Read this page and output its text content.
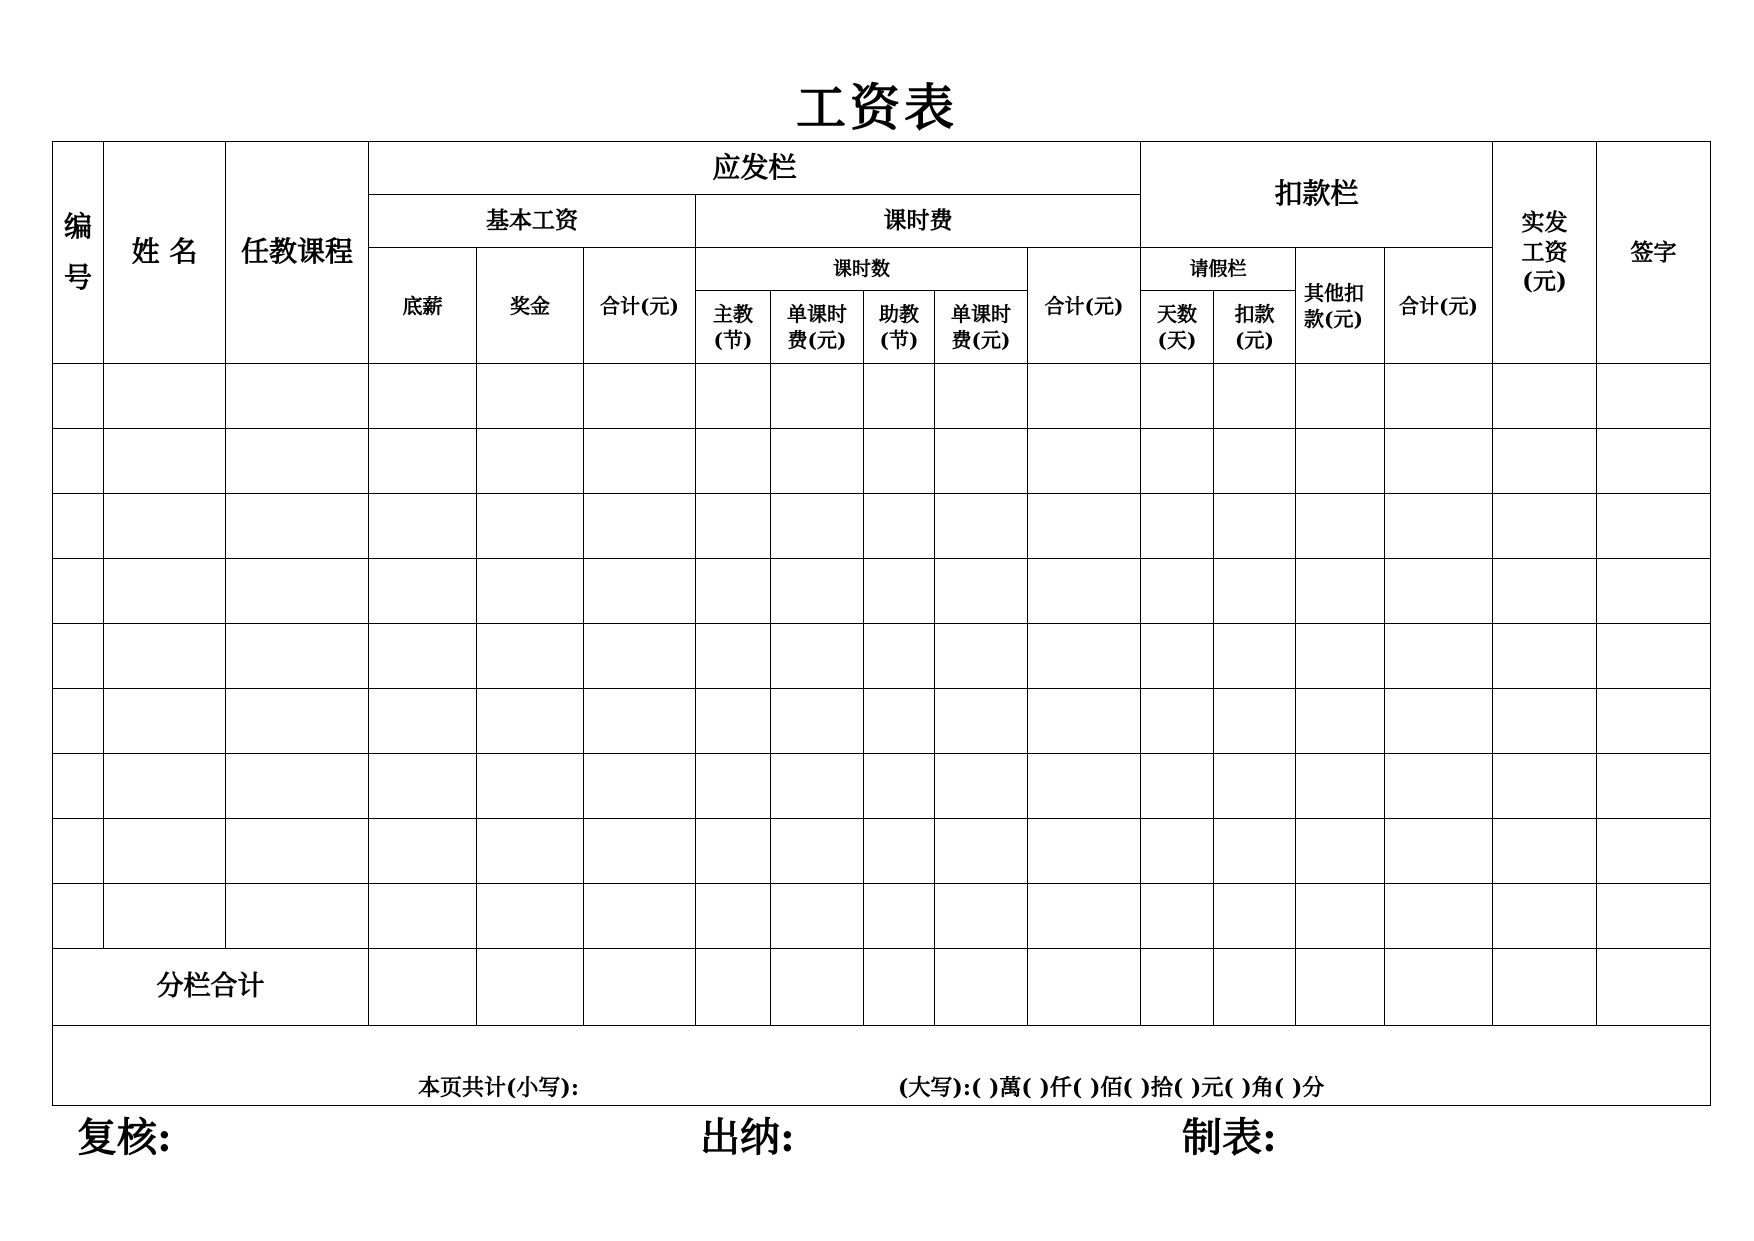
工资表
编号	姓 名	任教课程	应发栏								扣款栏				实发工资(元)	签字
			基本工资			课时费										
			底薪	奖金	合计(元)	课时数				合计(元)	请假栏		其他扣款(元)	合计(元)		

						主教(节)	单课时费(元)	助教(节)	单课时费(元)		天数(天)	扣款(元)				

分栏合计																

本页共计(小写): (大写):( )萬( )仟( )佰( )拾( )元( )角( )分																
复核:	出纳:	制表:
